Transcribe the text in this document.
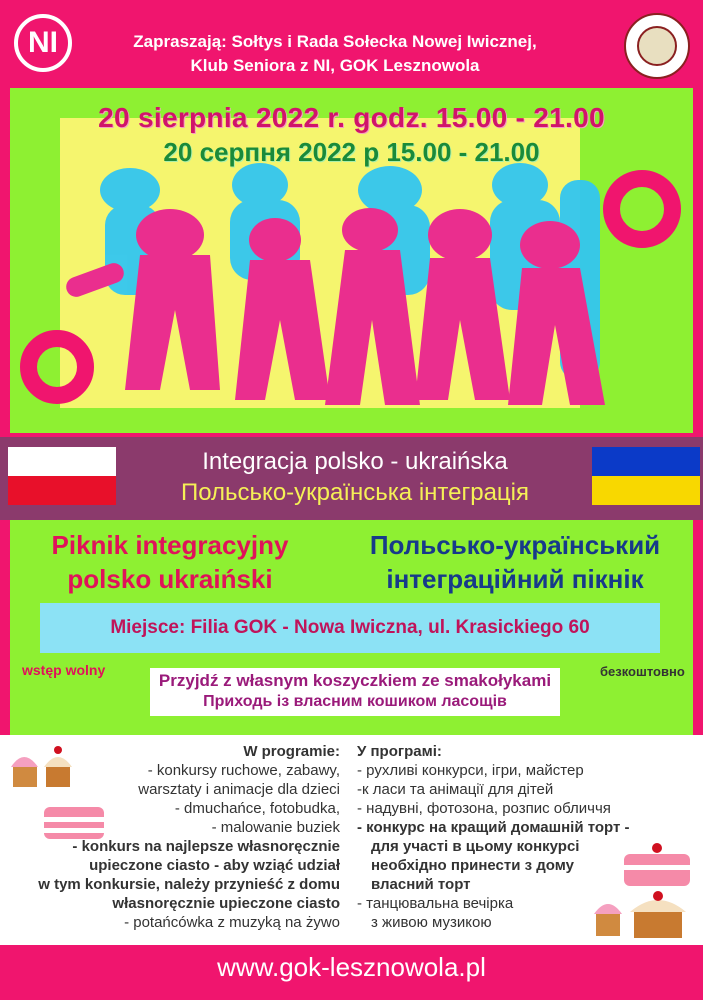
NI	Zapraszają: Sołtys i Rada Sołecka Nowej Iwicznej,
Klub Seniora z NI, GOK Lesznowola
20 sierpnia 2022 r. godz. 15.00 - 21.00
20 серпня 2022 р 15.00 - 21.00
Integracja polsko - ukraińska
Польсько-українська інтеграція
Piknik integracyjny
polsko ukraiński
Польсько-український
інтеграційний пікнік
Miejsce: Filia GOK - Nowa Iwiczna, ul. Krasickiego 60
wstęp wolny	безкоштовно
Przyjdź z własnym koszyczkiem ze smakołykami
Приходь із власним кошиком ласощів
W programie:
- konkursy ruchowe, zabawy,
warsztaty i animacje dla dzieci
- dmuchańce, fotobudka,
- malowanie buziek
- konkurs na najlepsze własnoręcznie
upieczone ciasto - aby wziąć udział
w tym konkursie, należy przynieść z domu
własnoręcznie upieczone ciasto
- potańcówka z muzyką na żywo
У програмі:
- рухливі конкурси, ігри, майстер
-к ласи та анімації для дітей
- надувні, фотозона, розпис обличчя
- конкурс на кращий домашній торт -
для участі в цьому конкурсі
необхідно принести з дому
власний торт
- танцювальна вечірка
з живою музикою
www.gok-lesznowola.pl
